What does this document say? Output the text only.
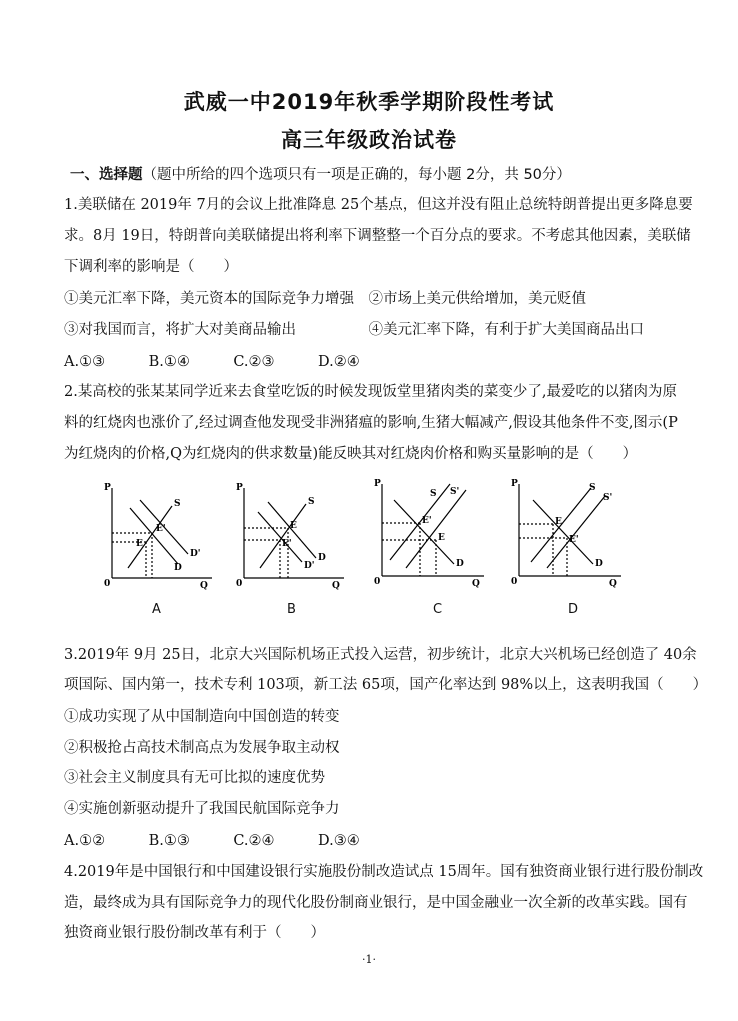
武威一中2019年秋季学期阶段性考试
高三年级政治试卷
一、选择题（题中所给的四个选项只有一项是正确的，每小题 2分，共 50分）
1.美联储在 2019年 7月的会议上批准降息 25个基点，但这并没有阻止总统特朗普提出更多降息要
求。8月 19日，特朗普向美联储提出将利率下调整整一个百分点的要求。不考虑其他因素，美联储
下调利率的影响是（　　）
①美元汇率下降，美元资本的国际竞争力增强　②市场上美元供给增加，美元贬值
③对我国而言，将扩大对美商品输出　　　　　④美元汇率下降，有利于扩大美国商品出口
A.①③　　　B.①④　　　C.②③　　　D.②④
2.某高校的张某某同学近来去食堂吃饭的时候发现饭堂里猪肉类的菜变少了,最爱吃的以猪肉为原
料的红烧肉也涨价了,经过调查他发现受非洲猪瘟的影响,生猪大幅减产,假设其他条件不变,图示(P
为红烧肉的价格,Q为红烧肉的供求数量)能反映其对红烧肉价格和购买量影响的是（　　）
P
S
E'
E
D'
D
0	Q
A
P
S
E
E'
D
D'
0	Q
B
P
S S'
E'
E
D
0	Q
C
P	S
S'
E
E'
D
0	Q
D
3.2019年 9月 25日，北京大兴国际机场正式投入运营，初步统计，北京大兴机场已经创造了 40余
项国际、国内第一，技术专利 103项，新工法 65项，国产化率达到 98%以上，这表明我国（　　）
①成功实现了从中国制造向中国创造的转变
②积极抢占高技术制高点为发展争取主动权
③社会主义制度具有无可比拟的速度优势
④实施创新驱动提升了我国民航国际竞争力
A.①②　　　B.①③　　　C.②④　　　D.③④
4.2019年是中国银行和中国建设银行实施股份制改造试点 15周年。国有独资商业银行进行股份制改
造，最终成为具有国际竞争力的现代化股份制商业银行，是中国金融业一次全新的改革实践。国有
独资商业银行股份制改革有利于（　　）
·1·
